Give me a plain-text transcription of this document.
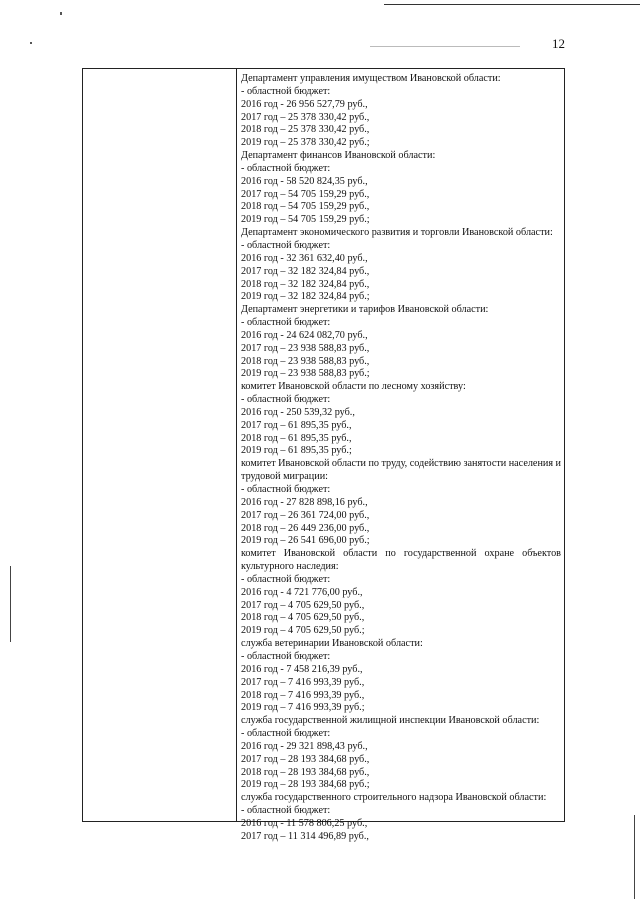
12
Департамент управления имуществом Ивановской области:
- областной бюджет:
2016 год - 26 956 527,79 руб.,
2017 год – 25 378 330,42 руб.,
2018 год – 25 378 330,42 руб.,
2019 год – 25 378 330,42 руб.;
Департамент финансов Ивановской области:
- областной бюджет:
2016 год - 58 520 824,35 руб.,
2017 год – 54 705 159,29 руб.,
2018 год – 54 705 159,29 руб.,
2019 год – 54 705 159,29 руб.;
Департамент экономического развития и торговли Ивановской области:
- областной бюджет:
2016 год - 32 361 632,40 руб.,
2017 год – 32 182 324,84 руб.,
2018 год – 32 182 324,84 руб.,
2019 год – 32 182 324,84 руб.;
Департамент энергетики и тарифов Ивановской области:
- областной бюджет:
2016 год - 24 624 082,70 руб.,
2017 год – 23 938 588,83 руб.,
2018 год – 23 938 588,83 руб.,
2019 год – 23 938 588,83 руб.;
комитет Ивановской области по лесному хозяйству:
- областной бюджет:
2016 год - 250 539,32 руб.,
2017 год – 61 895,35 руб.,
2018 год – 61 895,35 руб.,
2019 год – 61 895,35 руб.;
комитет Ивановской области по труду, содействию занятости населения и
трудовой миграции:
- областной бюджет:
2016 год - 27 828 898,16 руб.,
2017 год – 26 361 724,00 руб.,
2018 год – 26 449 236,00 руб.,
2019 год – 26 541 696,00 руб.;
комитет Ивановской области по государственной охране объектов
культурного наследия:
- областной бюджет:
2016 год - 4 721 776,00 руб.,
2017 год – 4 705 629,50 руб.,
2018 год – 4 705 629,50 руб.,
2019 год – 4 705 629,50 руб.;
служба ветеринарии Ивановской области:
- областной бюджет:
2016 год - 7 458 216,39 руб.,
2017 год – 7 416 993,39 руб.,
2018 год – 7 416 993,39 руб.,
2019 год – 7 416 993,39 руб.;
служба государственной жилищной инспекции Ивановской области:
- областной бюджет:
2016 год - 29 321 898,43 руб.,
2017 год – 28 193 384,68 руб.,
2018 год – 28 193 384,68 руб.,
2019 год – 28 193 384,68 руб.;
служба государственного строительного надзора Ивановской области:
- областной бюджет:
2016 год - 11 578 806,25 руб.,
2017 год – 11 314 496,89 руб.,
